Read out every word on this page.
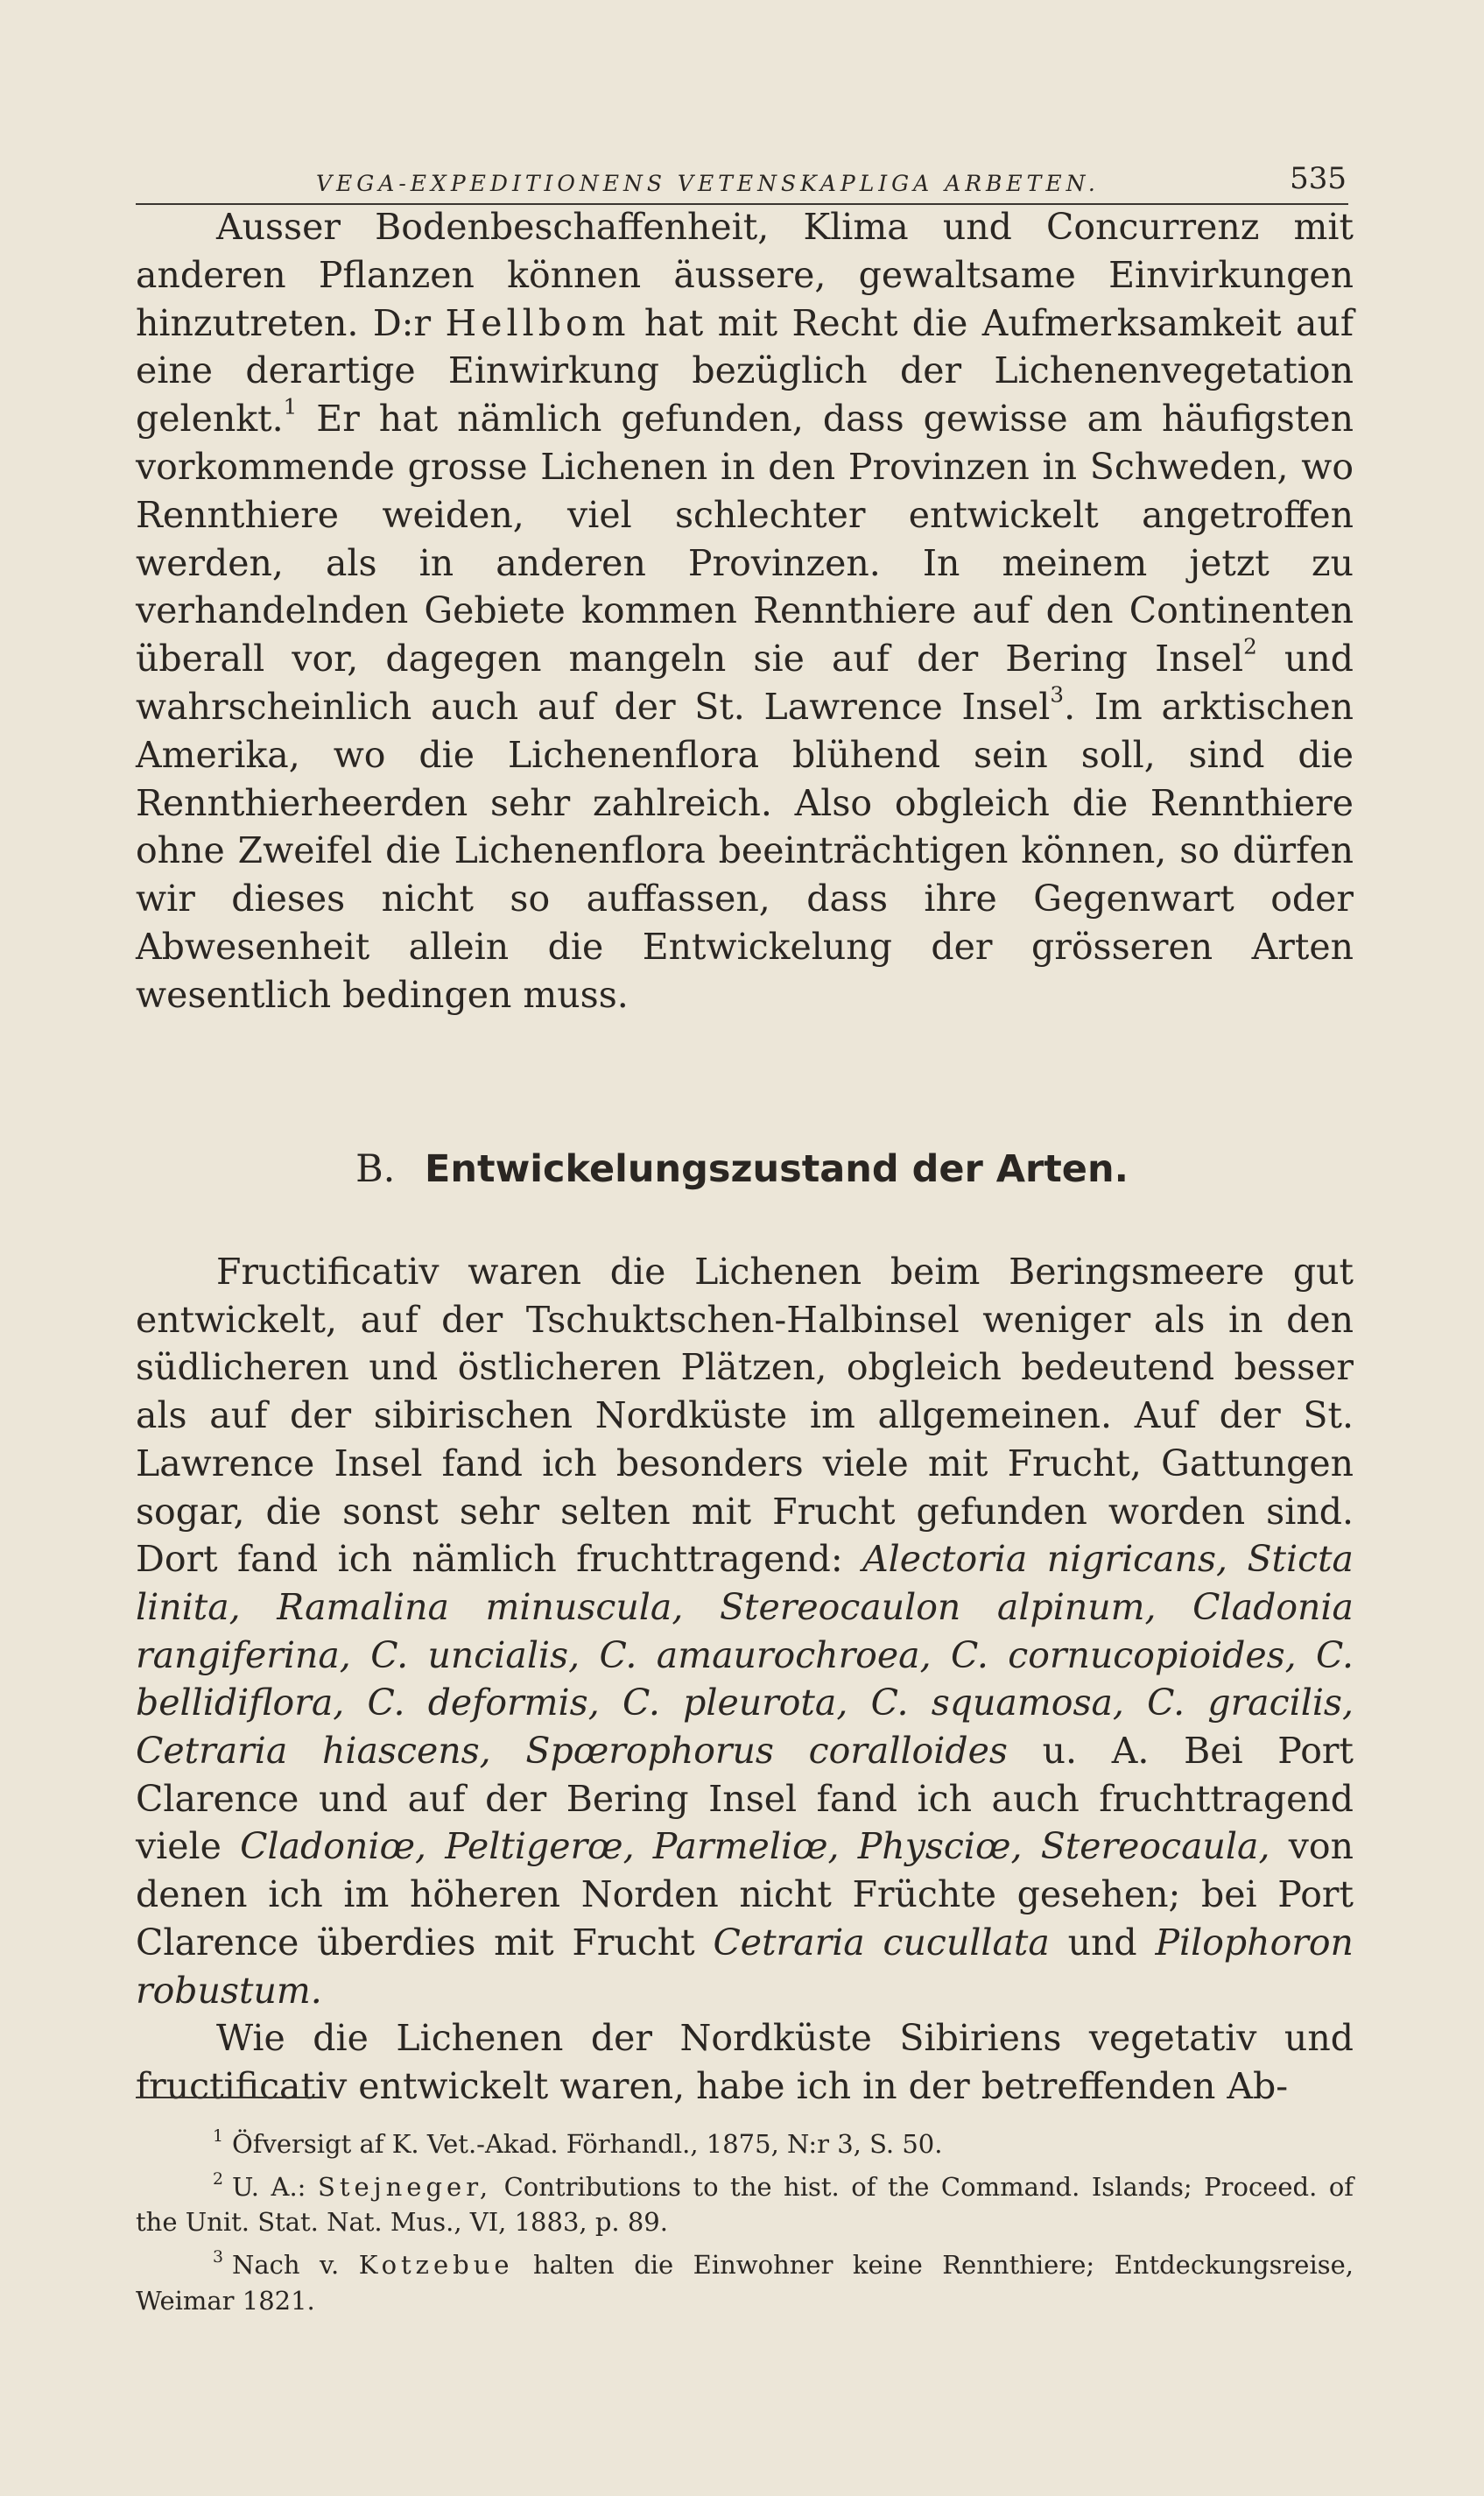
VEGA-EXPEDITIONENS VETENSKAPLIGA ARBETEN.	535

Ausser Bodenbeschaffenheit, Klima und Concurrenz mit anderen Pflanzen können äussere, gewaltsame Einvirkungen hinzutreten. D:r Hellbom hat mit Recht die Aufmerksamkeit auf eine derartige Einwirkung bezüglich der Lichenenvegetation gelenkt.$^1$ Er hat nämlich gefunden, dass gewisse am häufigsten vorkommende grosse Lichenen in den Provinzen in Schweden, wo Rennthiere weiden, viel schlechter entwickelt angetroffen werden, als in anderen Provinzen. In meinem jetzt zu verhandelnden Gebiete kommen Rennthiere auf den Continenten überall vor, dagegen mangeln sie auf der Bering Insel$^2$ und wahrscheinlich auch auf der St. Lawrence Insel$^3$. Im arktischen Amerika, wo die Lichenenflora blühend sein soll, sind die Rennthierheerden sehr zahlreich. Also obgleich die Rennthiere ohne Zweifel die Lichenenflora beeinträchtigen können, so dürfen wir dieses nicht so auffassen, dass ihre Gegenwart oder Abwesenheit allein die Entwickelung der grösseren Arten wesentlich bedingen muss.

B. Entwickelungszustand der Arten.

Fructificativ waren die Lichenen beim Beringsmeere gut entwickelt, auf der Tschuktschen-Halbinsel weniger als in den südlicheren und östlicheren Plätzen, obgleich bedeutend besser als auf der sibirischen Nordküste im allgemeinen. Auf der St. Lawrence Insel fand ich besonders viele mit Frucht, Gattungen sogar, die sonst sehr selten mit Frucht gefunden worden sind. Dort fand ich nämlich fruchttragend: Alectoria nigricans, Sticta linita, Ramalina minuscula, Stereocaulon alpinum, Cladonia rangiferina, C. uncialis, C. amaurochroea, C. cornucopioides, C. bellidiflora, C. deformis, C. pleurota, C. squamosa, C. gracilis, Cetraria hiascens, Spœrophorus coralloides u. A. Bei Port Clarence und auf der Bering Insel fand ich auch fruchttragend viele Cladoniœ, Peltigerœ, Parmeliœ, Physciœ, Stereocaula, von denen ich im höheren Norden nicht Früchte gesehen; bei Port Clarence überdies mit Frucht Cetraria cucullata und Pilophoron robustum.

Wie die Lichenen der Nordküste Sibiriens vegetativ und fructificativ entwickelt waren, habe ich in der betreffenden Ab-

$^1$ Öfversigt af K. Vet.-Akad. Förhandl., 1875, N:r 3, S. 50.

$^2$ U. A.: Stejneger, Contributions to the hist. of the Command. Islands; Proceed. of the Unit. Stat. Nat. Mus., VI, 1883, p. 89.

$^3$ Nach v. Kotzebue halten die Einwohner keine Rennthiere; Entdeckungsreise, Weimar 1821.
